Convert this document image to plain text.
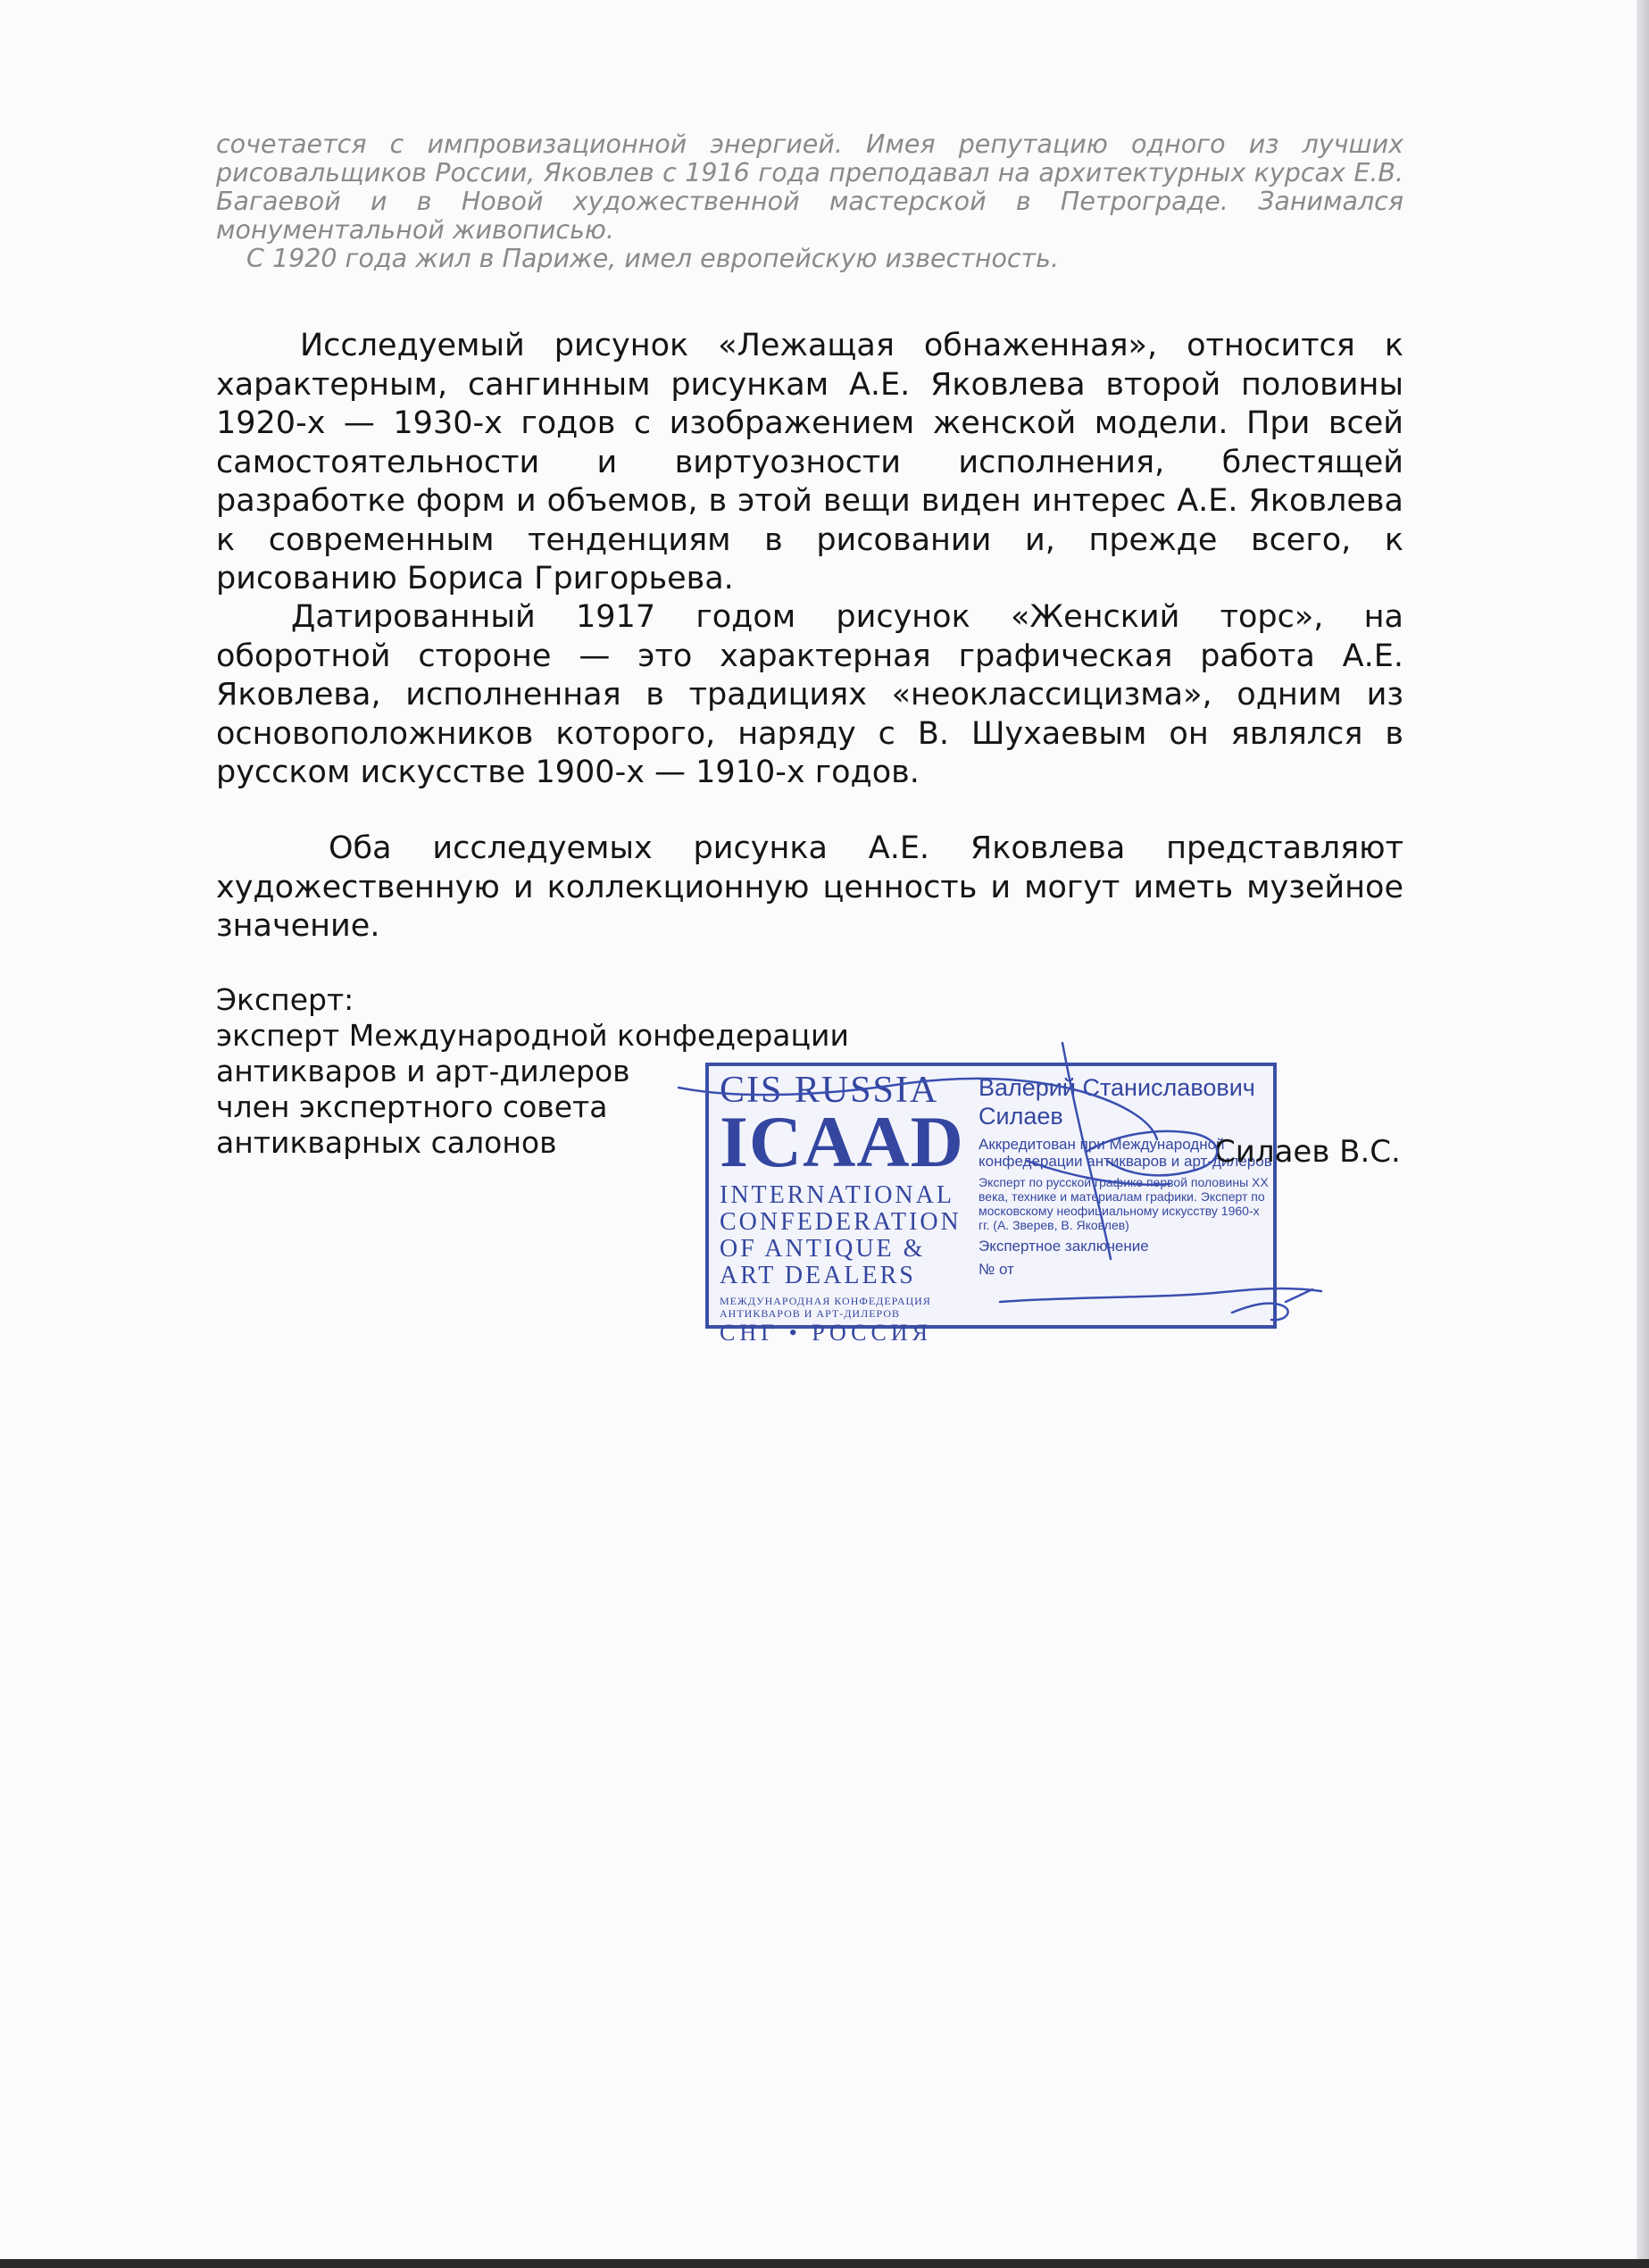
сочетается с импровизационной энергией. Имея репутацию одного из лучших рисовальщиков России, Яковлев с 1916 года преподавал на архитектурных курсах Е.В. Багаевой и в Новой художественной мастерской в Петрограде. Занимался монументальной живописью.

С 1920 года жил в Париже, имел европейскую известность.

Исследуемый рисунок «Лежащая обнаженная», относится к характерным, сангинным рисункам А.Е. Яковлева второй половины 1920-х — 1930-х годов с изображением женской модели. При всей самостоятельности и виртуозности исполнения, блестящей разработке форм и объемов, в этой вещи виден интерес А.Е. Яковлева к современным тенденциям в рисовании и, прежде всего, к рисованию Бориса Григорьева.

Датированный 1917 годом рисунок «Женский торс», на оборотной стороне — это характерная графическая работа А.Е. Яковлева, исполненная в традициях «неоклассицизма», одним из основоположников которого, наряду с В. Шухаевым он являлся в русском искусстве 1900-х — 1910-х годов.

Оба исследуемых рисунка А.Е. Яковлева представляют художественную и коллекционную ценность и могут иметь музейное значение.

Эксперт:
эксперт Международной конфедерации
антикваров и арт-дилеров
член экспертного совета
антикварных салонов
CIS RUSSIA
ICAAD
INTERNATIONAL CONFEDERATION OF ANTIQUE & ART DEALERS
МЕЖДУНАРОДНАЯ КОНФЕДЕРАЦИЯ АНТИКВАРОВ И АРТ-ДИЛЕРОВ
СНГ • РОССИЯ
Валерий Станиславович Силаев
Аккредитован при Международной конфедерации антикваров и арт-дилеров
Эксперт по русской графике первой половины XX века, технике и материалам графики. Эксперт по московскому неофициальному искусству 1960-х гг. (А. Зверев, В. Яковлев)
Экспертное заключение
№ от
Силаев В.С.
